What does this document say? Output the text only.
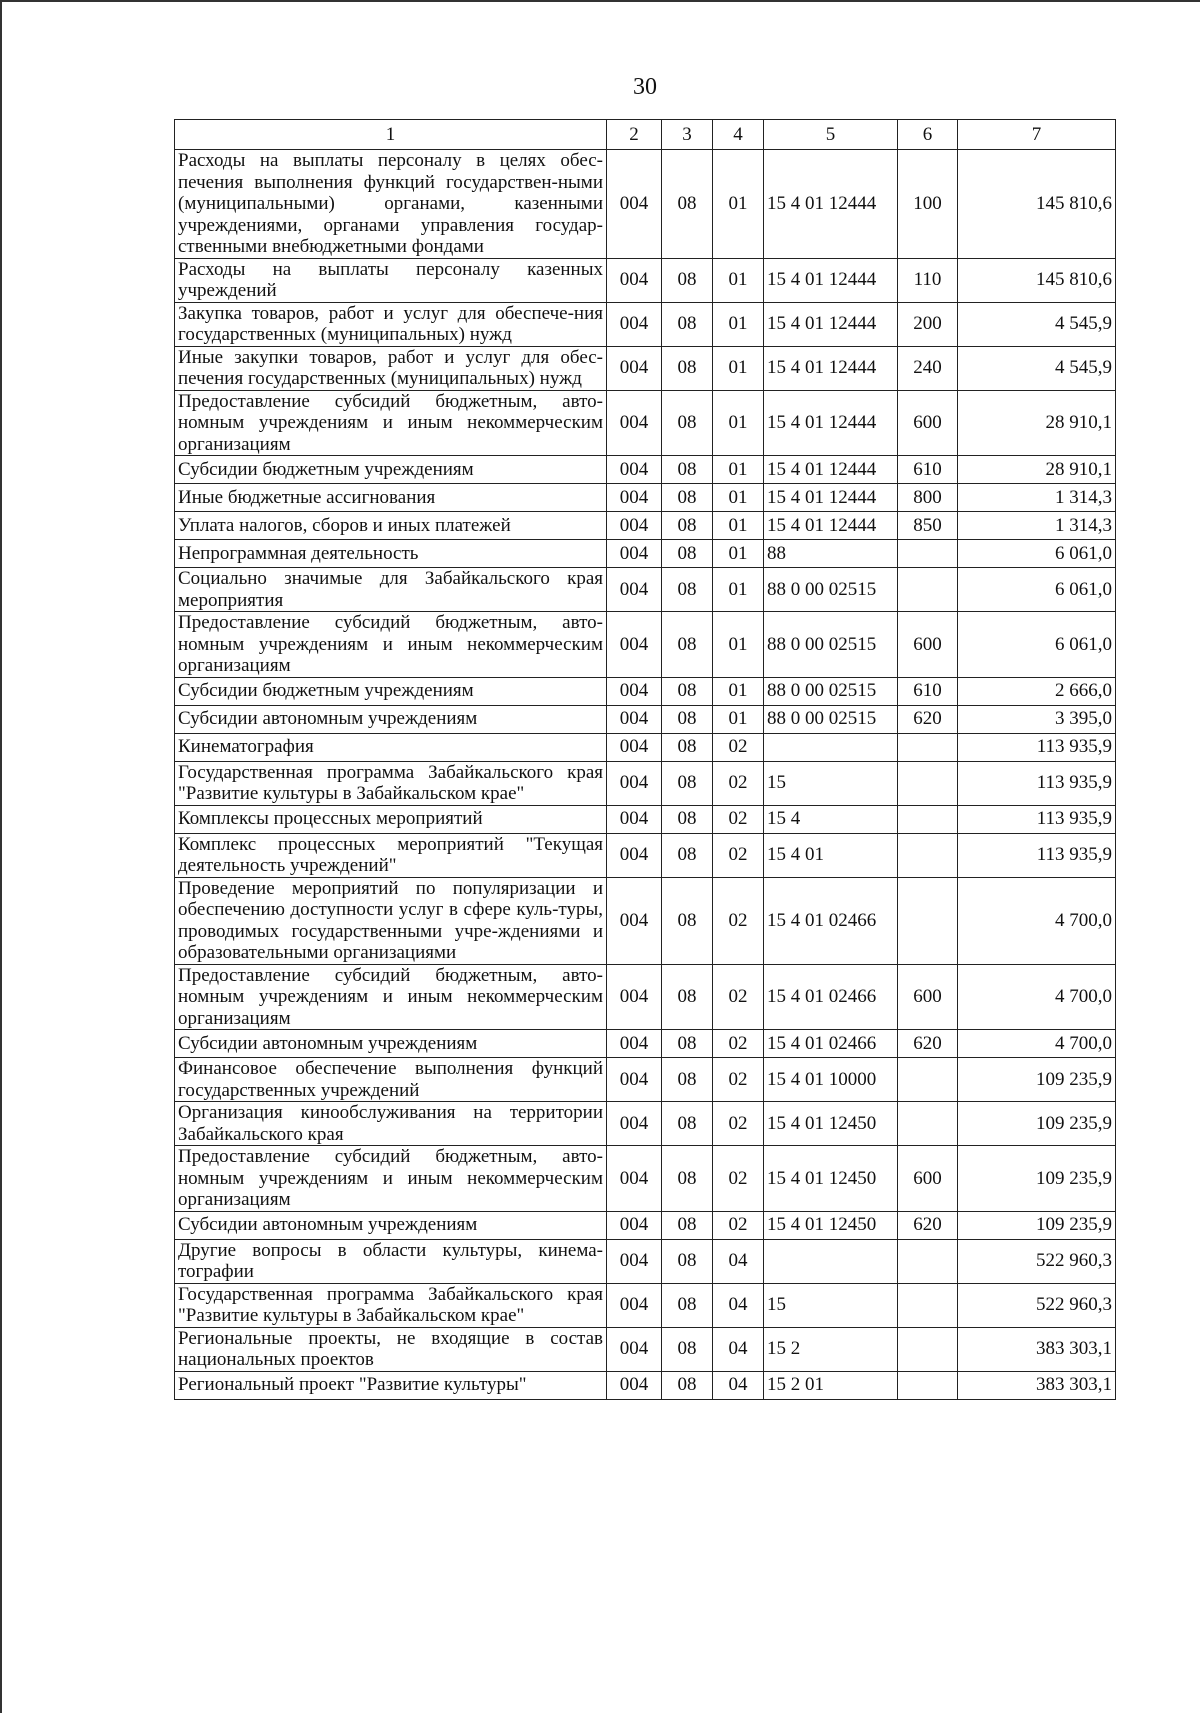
30
1	2	3	4	5	6	7
Расходы на выплаты персоналу в целях обес-печения выполнения функций государствен-ными (муниципальными) органами, казенными учреждениями, органами управления государ-ственными внебюджетными фондами	004	08	01	15 4 01 12444	100	145 810,6
Расходы на выплаты персоналу казенных учреждений	004	08	01	15 4 01 12444	110	145 810,6
Закупка товаров, работ и услуг для обеспече-ния государственных (муниципальных) нужд	004	08	01	15 4 01 12444	200	4 545,9
Иные закупки товаров, работ и услуг для обес-печения государственных (муниципальных) нужд	004	08	01	15 4 01 12444	240	4 545,9
Предоставление субсидий бюджетным, авто-номным учреждениям и иным некоммерческим организациям	004	08	01	15 4 01 12444	600	28 910,1
Субсидии бюджетным учреждениям	004	08	01	15 4 01 12444	610	28 910,1
Иные бюджетные ассигнования	004	08	01	15 4 01 12444	800	1 314,3
Уплата налогов, сборов и иных платежей	004	08	01	15 4 01 12444	850	1 314,3
Непрограммная деятельность	004	08	01	88		6 061,0
Социально значимые для Забайкальского края мероприятия	004	08	01	88 0 00 02515		6 061,0
Предоставление субсидий бюджетным, авто-номным учреждениям и иным некоммерческим организациям	004	08	01	88 0 00 02515	600	6 061,0
Субсидии бюджетным учреждениям	004	08	01	88 0 00 02515	610	2 666,0
Субсидии автономным учреждениям	004	08	01	88 0 00 02515	620	3 395,0
Кинематография	004	08	02			113 935,9
Государственная программа Забайкальского края "Развитие культуры в Забайкальском крае"	004	08	02	15		113 935,9
Комплексы процессных мероприятий	004	08	02	15 4		113 935,9
Комплекс процессных мероприятий "Текущая деятельность учреждений"	004	08	02	15 4 01		113 935,9
Проведение мероприятий по популяризации и обеспечению доступности услуг в сфере куль-туры, проводимых государственными учре-ждениями и образовательными организациями	004	08	02	15 4 01 02466		4 700,0
Предоставление субсидий бюджетным, авто-номным учреждениям и иным некоммерческим организациям	004	08	02	15 4 01 02466	600	4 700,0
Субсидии автономным учреждениям	004	08	02	15 4 01 02466	620	4 700,0
Финансовое обеспечение выполнения функций государственных учреждений	004	08	02	15 4 01 10000		109 235,9
Организация кинообслуживания на территории Забайкальского края	004	08	02	15 4 01 12450		109 235,9
Предоставление субсидий бюджетным, авто-номным учреждениям и иным некоммерческим организациям	004	08	02	15 4 01 12450	600	109 235,9
Субсидии автономным учреждениям	004	08	02	15 4 01 12450	620	109 235,9
Другие вопросы в области культуры, кинема-тографии	004	08	04			522 960,3
Государственная программа Забайкальского края "Развитие культуры в Забайкальском крае"	004	08	04	15		522 960,3
Региональные проекты, не входящие в состав национальных проектов	004	08	04	15 2		383 303,1
Региональный проект "Развитие культуры"	004	08	04	15 2 01		383 303,1
